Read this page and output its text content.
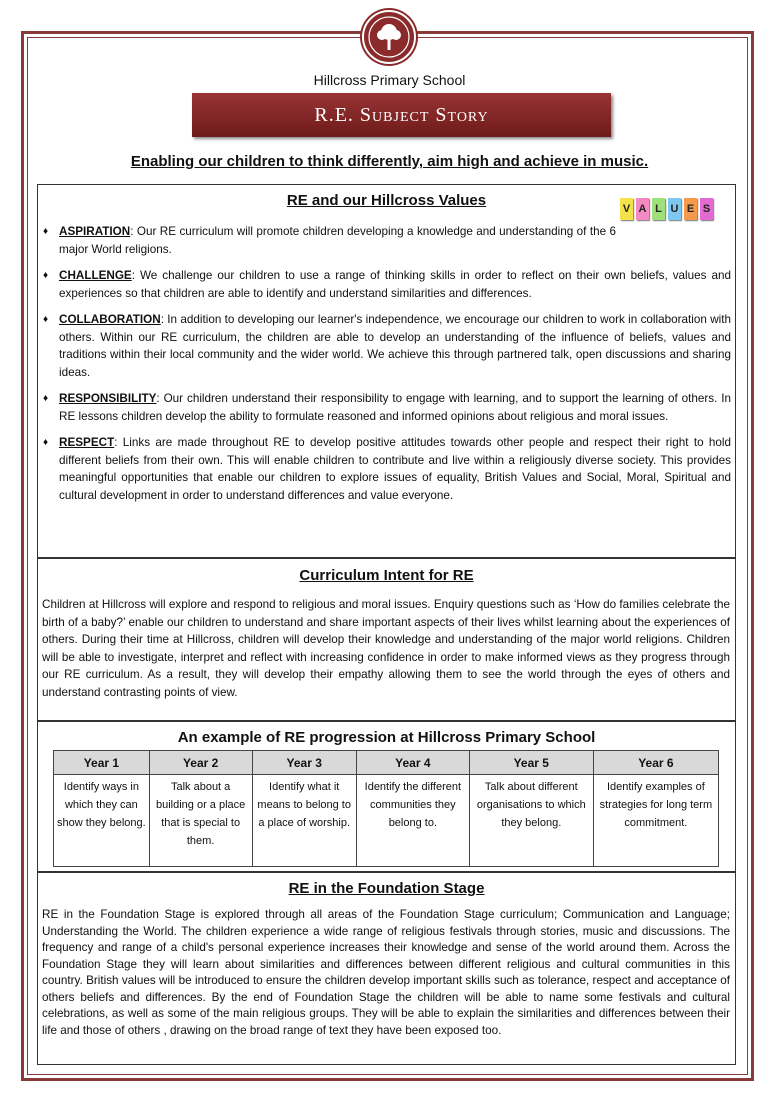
Hillcross Primary School
R.E. Subject Story
Enabling our children to think differently, aim high and achieve in music.
RE and our Hillcross Values
♦ ASPIRATION: Our RE curriculum will promote children developing a knowledge and understanding of the 6 major World religions.
♦ CHALLENGE: We challenge our children to use a range of thinking skills in order to reflect on their own beliefs, values and experiences so that children are able to identify and understand similarities and differences.
♦ COLLABORATION: In addition to developing our learner's independence, we encourage our children to work in collaboration with others. Within our RE curriculum, the children are able to develop an understanding of the influence of beliefs, values and traditions within their local community and the wider world. We achieve this through partnered talk, open discussions and sharing ideas.
♦ RESPONSIBILITY: Our children understand their responsibility to engage with learning, and to support the learning of others. In RE lessons children develop the ability to formulate reasoned and informed opinions about religious and moral issues.
♦ RESPECT: Links are made throughout RE to develop positive attitudes towards other people and respect their right to hold different beliefs from their own. This will enable children to contribute and live within a religiously diverse society. This provides meaningful opportunities that enable our children to explore issues of equality, British Values and Social, Moral, Spiritual and cultural development in order to understand differences and value everyone.
V A L U E S
Curriculum Intent for RE
Children at Hillcross will explore and respond to religious and moral issues. Enquiry questions such as ‘How do families celebrate the birth of a baby?’ enable our children to understand and share important aspects of their lives whilst learning about the experiences of others. During their time at Hillcross, children will develop their knowledge and understanding of the major world religions. Children will be able to investigate, interpret and reflect with increasing confidence in order to make informed views as they progress through our RE curriculum. As a result, they will develop their empathy allowing them to see the world through the eyes of others and understand contrasting points of view.
An example of RE progression at Hillcross Primary School
Year 1	Year 2	Year 3	Year 4	Year 5	Year 6
Identify ways in which they can show they belong.	Talk about a building or a place that is special to them.	Identify what it means to belong to a place of worship.	Identify the different communities they belong to.	Talk about different organisations to which they belong.	Identify examples of strategies for long term commitment.
RE in the Foundation Stage
RE in the Foundation Stage is explored through all areas of the Foundation Stage curriculum; Communication and Language; Understanding the World. The children experience a wide range of religious festivals through stories, music and discussions. The frequency and range of a child's personal experience increases their knowledge and sense of the world around them. Across the Foundation Stage they will learn about similarities and differences between different religious and cultural communities in this country. British values will be introduced to ensure the children develop important skills such as tolerance, respect and acceptance of others beliefs and differences. By the end of Foundation Stage the children will be able to name some festivals and cultural celebrations, as well as some of the main religious groups. They will be able to explain the similarities and differences between their life and those of others , drawing on the broad range of text they have been exposed too.
